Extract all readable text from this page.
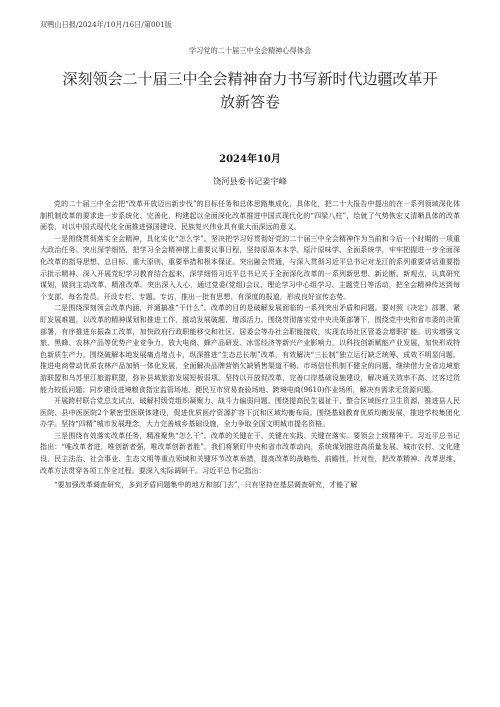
双鸭山日报/2024年/10月/16日/第001版
学习党的二十届三中全会精神心得体会
深刻领会二十届三中全会精神奋力书写新时代边疆改革开放新答卷
2024年10月
饶河县委书记姜宇峰

党的二十届三中全会把“改革开放迈出新步伐”的目标任务和总体思路集成化、具体化，把二十大报告中提出的在一系列领域深化体制机制改革的要求进一步系统化、完善化，构建起以全面深化改革推进中国式现代化的“四梁八柱”，绘就了气势恢宏又清晰具体的改革画卷，对以中国式现代化全面推进强国建设、民族复兴伟业具有重大而深远的意义。

一是围绕贯彻落实全会精神，具化实化“怎么学”。坚决把学习好贯彻好党的二十届三中全会精神作为当前和今后一个时期的一项重大政治任务。突出深学细悟，把学习全会精神摆上重要议事日程，坚持原原本本学、原汁原味学、全面系统学，牢牢把握进一步全面深化改革的指导思想、总目标、重大原则、重要举措和根本保证。突出融会贯通，与深入贯彻习近平总书记对龙江的系列重要讲话重要指示批示精神、深入开展党纪学习教育结合起来，深学细悟习近平总书记关于全面深化改革的一系列新思想、新论断、新观点，认真研究谋划，做到主动改革、精准改革。突出深入人心，通过党委(党组)会议、理论学习中心组学习、主题党日等活动，把全会精神传达到每个支部、每名党员。开设专栏、专题、专访，推出一批有思想、有深度的报道，形成良好宣传态势。

二是围绕深刻领会改革内涵，并通搞准“干什么”。改革的目的是破解发展面临的一系列突出矛盾和问题。要对照《决定》部署，紧盯发展难题，以改革的精神谋划和推进工作，推动发展破题、增添活力。围绕贯彻落实党中央决策部署下，围绕党中央和省市委的决策部署，有序推进东振森工改革，加快政府行政职能移交和社区、居委会等办社会职能接收，实现农场社区管委会增职扩能。切实增强文旅、黑蜂、农林产品等优势产业竞争力，放大电商、蜂产品研发、冰雪经济等新兴产业影响力，以科技创新赋能产业发展，加快形成特色新质生产力。围绕破解本地发展痛点堵点卡，纵深推进“生态总长制”改革，有效解决“三长制”独立运行缺乏统筹、成效不明显问题。推进电商带动优质农林产品加销一体化发展，全面解决品牌营销欠缺销售渠道不畅、市场信任机制不健全的问题。继续借力全省边境旅游联盟和乌苏里江旅游联盟，弥补县域旅游发展短板弱项。坚持以开放促改革，完善口岸基础设施建设，解决通关效率不高、过客过货能力较低问题；同步建设进境粮食指定监管场地、便民互市贸易查验场地、跨境电商(9610)作业场所，解决有需求无货源问题。

开展跨村联合党总支试点，破解村级党组织凝聚力、战斗力偏弱问题。围绕提高民生福祉干、整合区域医疗卫生资源，推进县人民医院、县中医医院2个紧密型医联体建设，促进优质医疗资源扩容下沉和区域均衡布局。围绕基础教育优质均衡发展，推进学校集团化办学。坚持“四精”城市发展理念，大力完善城乡基础设施，全力争取全国文明城市提名资格。

三是围绕有效落实改革任务，精准聚焦“怎么干”。改革的关键在干、关键在实践、关键在落实。要领会上级精神干。习近平总书记指出：“唯改革者进，唯创新者强，唯改革创新者胜”。我们将紧盯中央和省市改革动向，系统谋划推进高质量发展、城市农村、文化建设、民主法治、社会事业、生态文明等重点领域和关键环节改革举措，提高改革的战略性、前瞻性、针对性，把改革精神、改革思维、改革方法贯穿各项工作全过程。要深入实际调研干。习近平总书记指出：

“要加强改革调查研究，多到矛盾问题集中的地方和部门去”，只有坚持在基层调查研究，才能了解
